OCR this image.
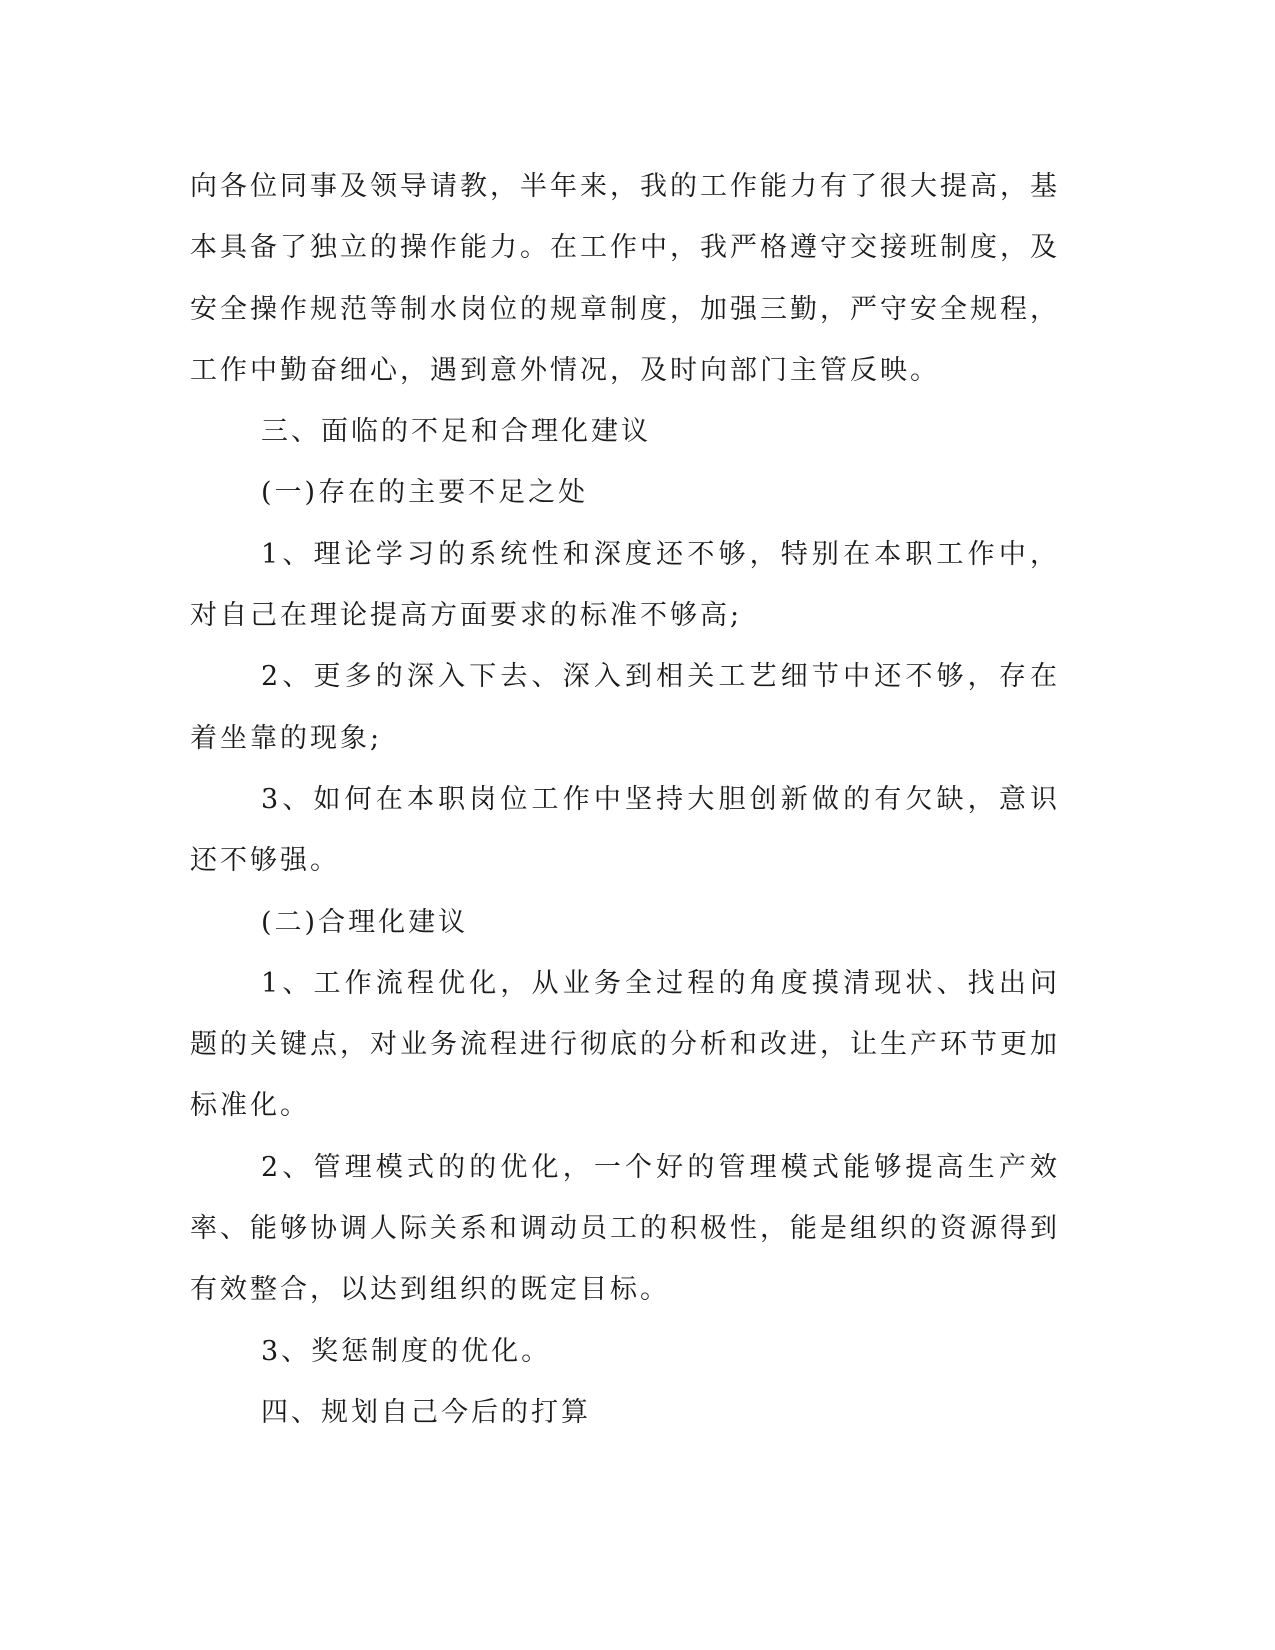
向各位同事及领导请教，半年来，我的工作能力有了很大提高，基本具备了独立的操作能力。在工作中，我严格遵守交接班制度，及安全操作规范等制水岗位的规章制度，加强三勤，严守安全规程，工作中勤奋细心，遇到意外情况，及时向部门主管反映。

三、面临的不足和合理化建议

(一)存在的主要不足之处

1、理论学习的系统性和深度还不够，特别在本职工作中，对自己在理论提高方面要求的标准不够高;

2、更多的深入下去、深入到相关工艺细节中还不够，存在着坐靠的现象;

3、如何在本职岗位工作中坚持大胆创新做的有欠缺，意识还不够强。

(二)合理化建议

1、工作流程优化，从业务全过程的角度摸清现状、找出问题的关键点，对业务流程进行彻底的分析和改进，让生产环节更加标准化。

2、管理模式的的优化，一个好的管理模式能够提高生产效率、能够协调人际关系和调动员工的积极性，能是组织的资源得到有效整合，以达到组织的既定目标。

3、奖惩制度的优化。

四、规划自己今后的打算
